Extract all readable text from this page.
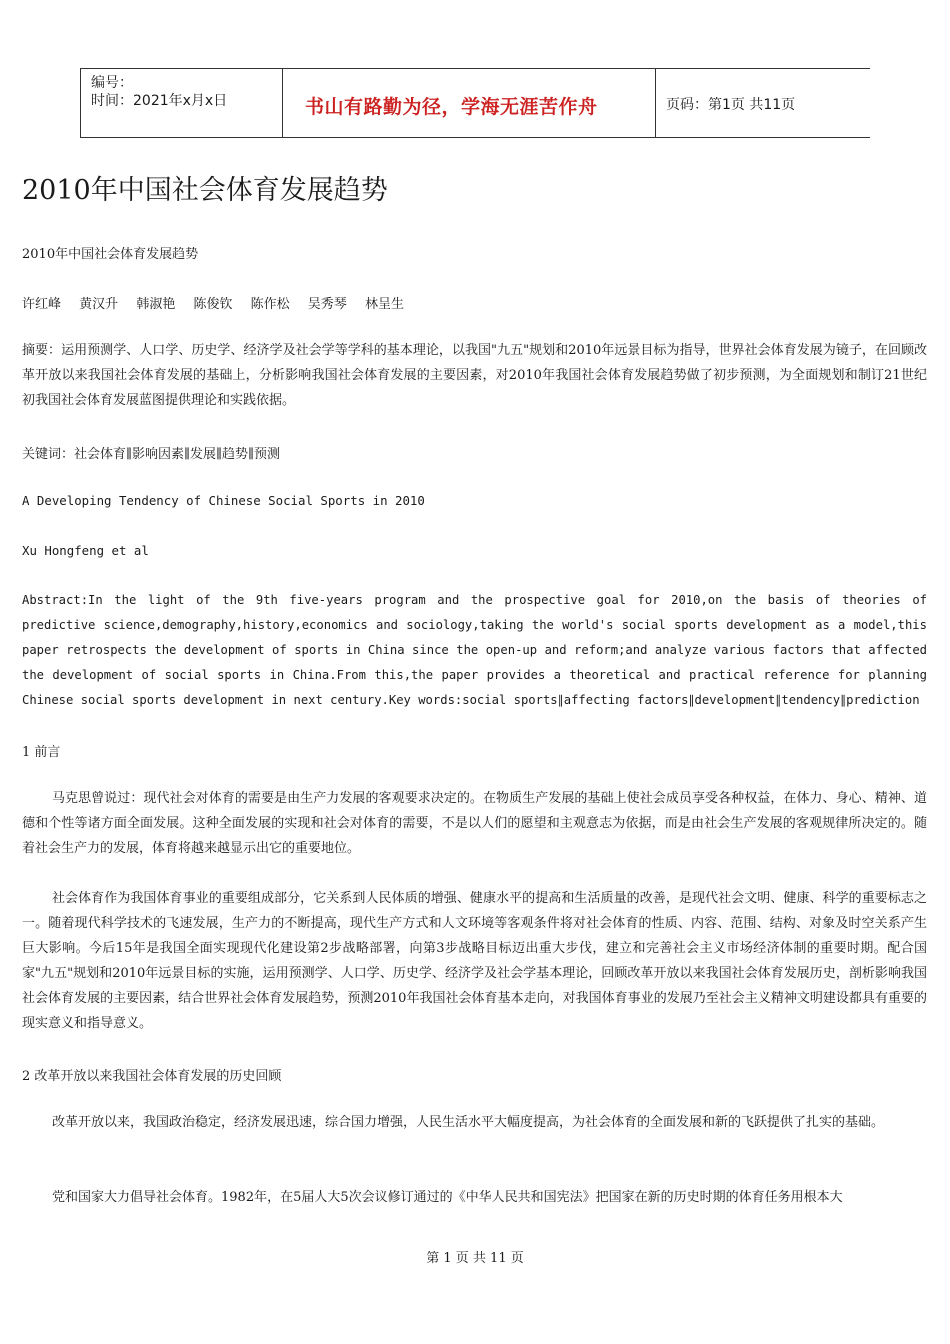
编号：
时间：2021年x月x日	书山有路勤为径，学海无涯苦作舟	页码：第1页 共11页
2010年中国社会体育发展趋势
2010年中国社会体育发展趋势
许红峰 黄汉升 韩淑艳 陈俊钦 陈作松 吴秀琴 林呈生
摘要：运用预测学、人口学、历史学、经济学及社会学等学科的基本理论，以我国"九五"规划和2010年远景目标为指导，世界社会体育发展为镜子，在回顾改革开放以来我国社会体育发展的基础上，分析影响我国社会体育发展的主要因素，对2010年我国社会体育发展趋势做了初步预测，为全面规划和制订21世纪初我国社会体育发展蓝图提供理论和实践依据。
关键词：社会体育∥影响因素∥发展∥趋势∥预测
A Developing Tendency of Chinese Social Sports in 2010
Xu Hongfeng et al
Abstract:In the light of the 9th five-years program and the prospective goal for 2010,on the basis of theories of predictive science,demography,history,economics and sociology,taking the world's social sports development as a model,this paper retrospects the development of sports in China since the open-up and reform;and analyze various factors that affected the development of social sports in China.From this,the paper provides a theoretical and practical reference for planning Chinese social sports development in next century.Key words:social sports∥affecting factors∥development∥tendency∥prediction
1 前言
马克思曾说过：现代社会对体育的需要是由生产力发展的客观要求决定的。在物质生产发展的基础上使社会成员享受各种权益，在体力、身心、精神、道德和个性等诸方面全面发展。这种全面发展的实现和社会对体育的需要，不是以人们的愿望和主观意志为依据，而是由社会生产发展的客观规律所决定的。随着社会生产力的发展，体育将越来越显示出它的重要地位。
社会体育作为我国体育事业的重要组成部分，它关系到人民体质的增强、健康水平的提高和生活质量的改善，是现代社会文明、健康、科学的重要标志之一。随着现代科学技术的飞速发展，生产力的不断提高，现代生产方式和人文环境等客观条件将对社会体育的性质、内容、范围、结构、对象及时空关系产生巨大影响。今后15年是我国全面实现现代化建设第2步战略部署，向第3步战略目标迈出重大步伐，建立和完善社会主义市场经济体制的重要时期。配合国家"九五"规划和2010年远景目标的实施，运用预测学、人口学、历史学、经济学及社会学基本理论，回顾改革开放以来我国社会体育发展历史，剖析影响我国社会体育发展的主要因素，结合世界社会体育发展趋势，预测2010年我国社会体育基本走向，对我国体育事业的发展乃至社会主义精神文明建设都具有重要的现实意义和指导意义。
2 改革开放以来我国社会体育发展的历史回顾
改革开放以来，我国政治稳定，经济发展迅速，综合国力增强，人民生活水平大幅度提高，为社会体育的全面发展和新的飞跃提供了扎实的基础。
党和国家大力倡导社会体育。1982年，在5届人大5次会议修订通过的《中华人民共和国宪法》把国家在新的历史时期的体育任务用根本大
第 1 页 共 11 页
